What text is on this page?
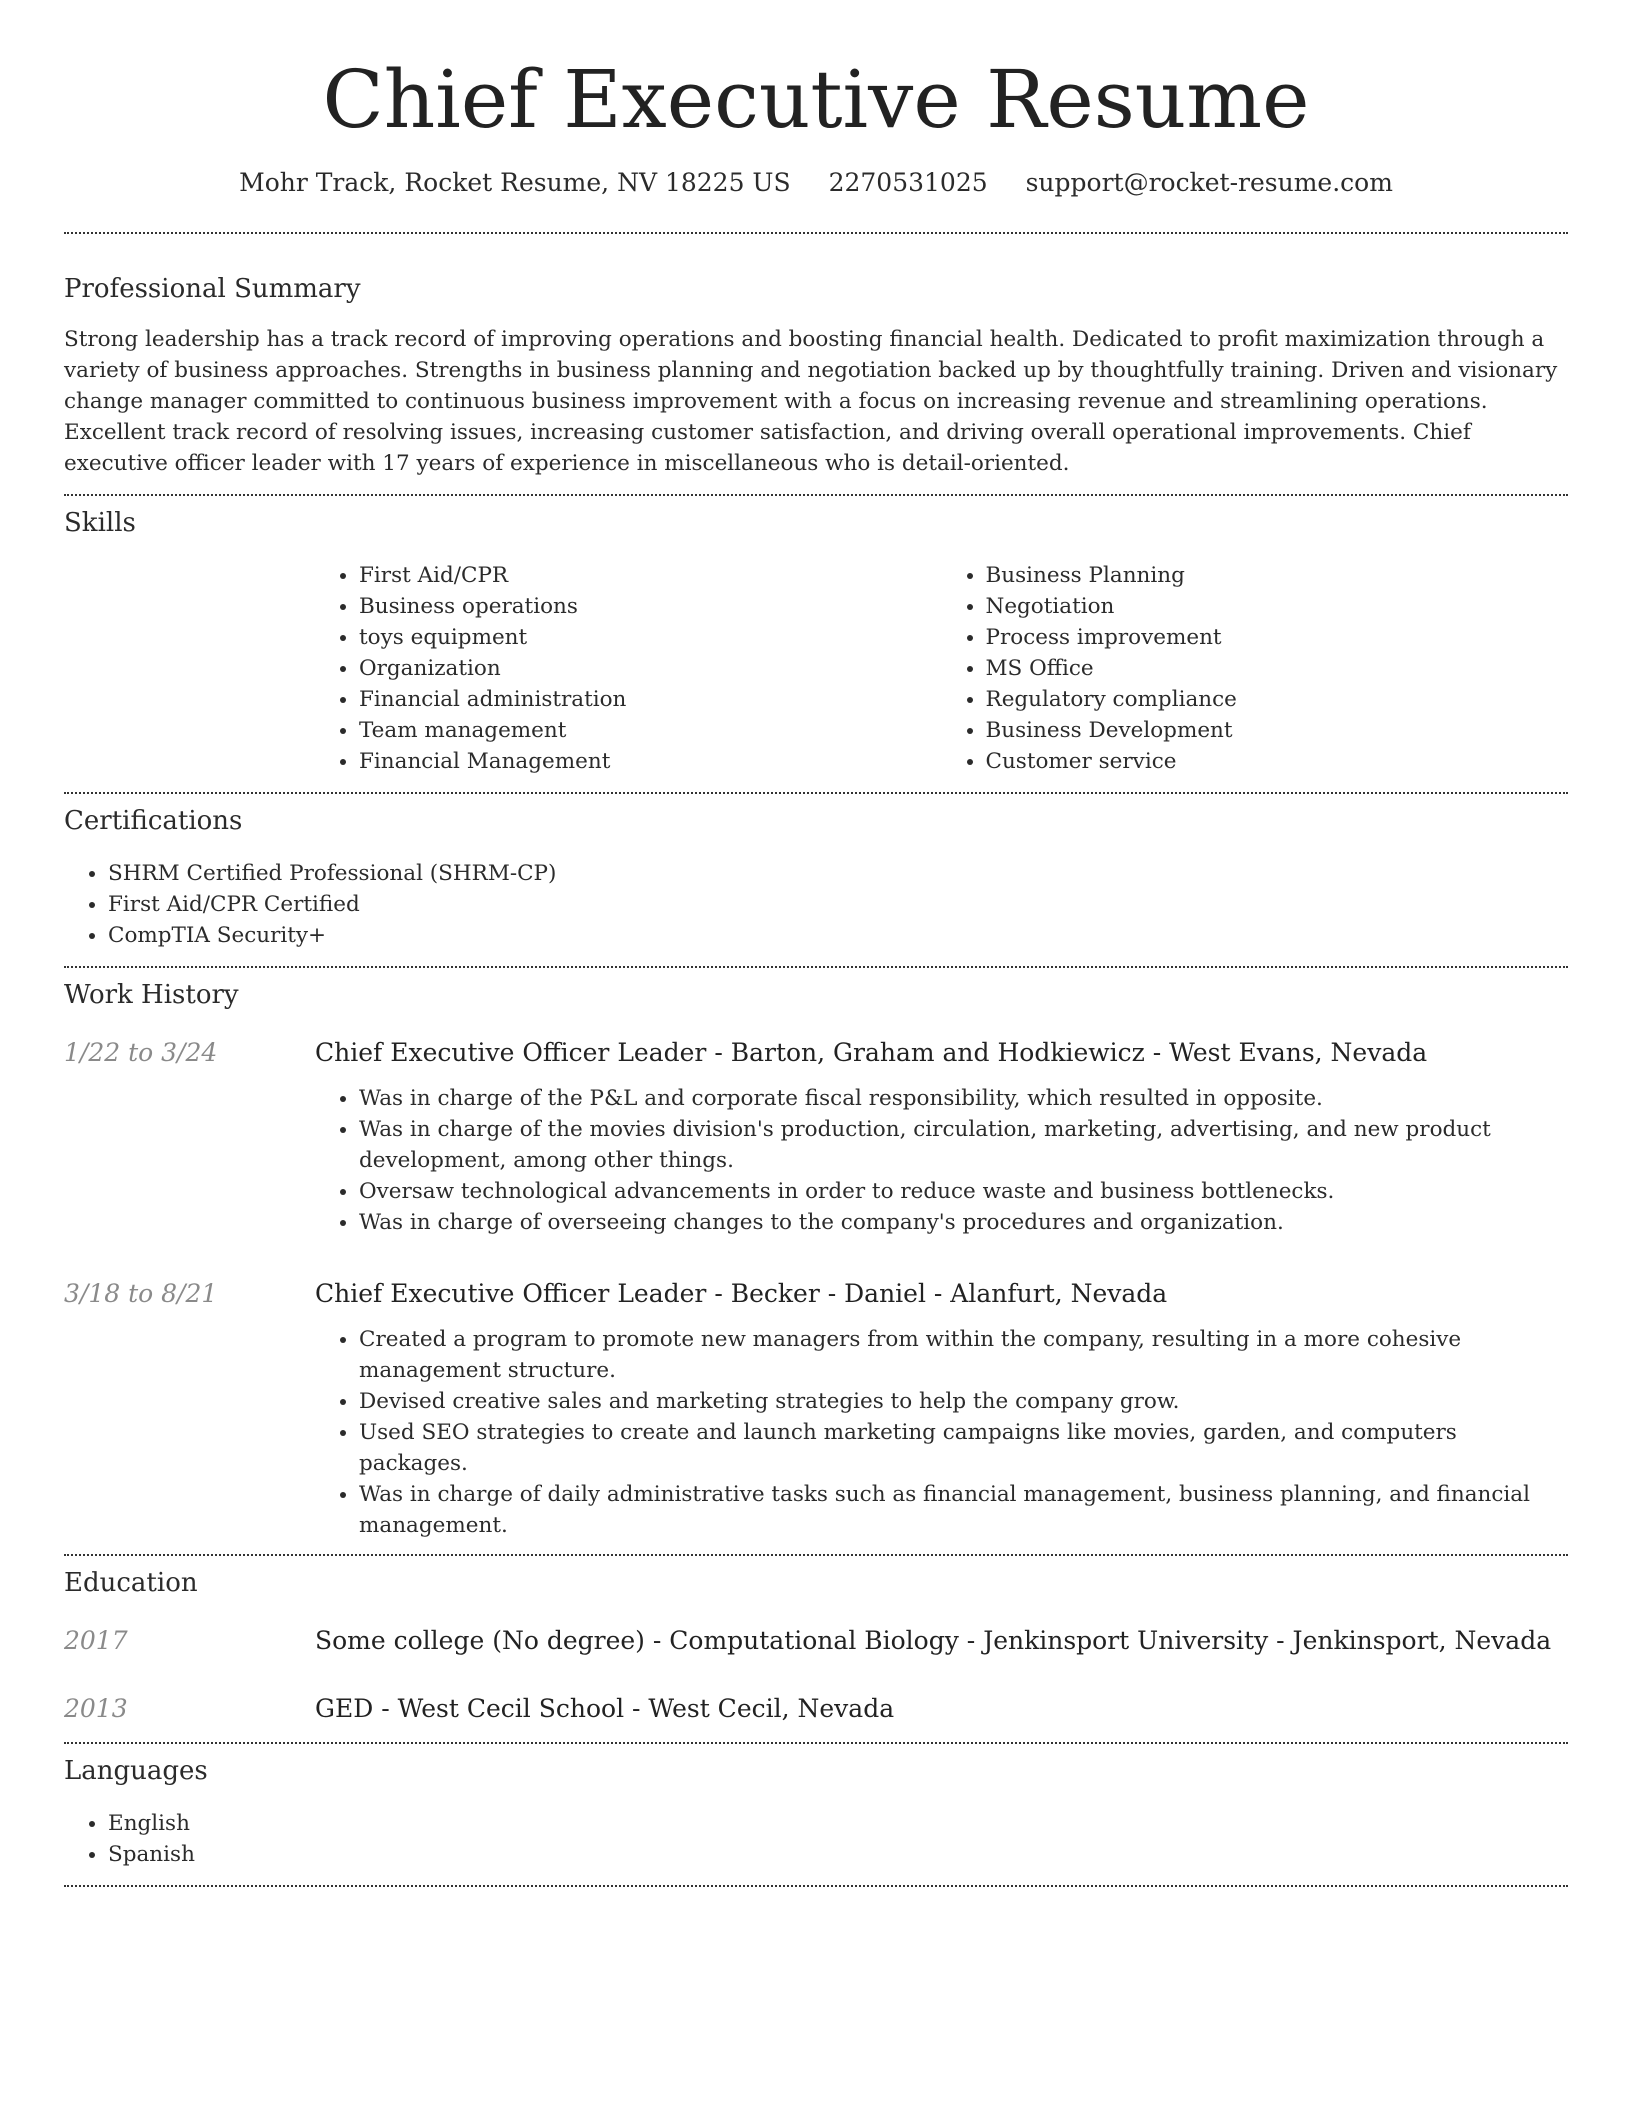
Chief Executive Resume
Mohr Track, Rocket Resume, NV 18225 US 2270531025 support@rocket-resume.com
Professional Summary

Strong leadership has a track record of improving operations and boosting financial health. Dedicated to profit maximization through a variety of business approaches. Strengths in business planning and negotiation backed up by thoughtfully training. Driven and visionary change manager committed to continuous business improvement with a focus on increasing revenue and streamlining operations. Excellent track record of resolving issues, increasing customer satisfaction, and driving overall operational improvements. Chief executive officer leader with 17 years of experience in miscellaneous who is detail-oriented.

Skills
• First Aid/CPR
• Business operations
• toys equipment
• Organization
• Financial administration
• Team management
• Financial Management
• Business Planning
• Negotiation
• Process improvement
• MS Office
• Regulatory compliance
• Business Development
• Customer service
Certifications
• SHRM Certified Professional (SHRM-CP)
• First Aid/CPR Certified
• CompTIA Security+
Work History
1/22 to 3/24	Chief Executive Officer Leader - Barton, Graham and Hodkiewicz - West Evans, Nevada
• Was in charge of the P&L and corporate fiscal responsibility, which resulted in opposite.
• Was in charge of the movies division's production, circulation, marketing, advertising, and new product development, among other things.
• Oversaw technological advancements in order to reduce waste and business bottlenecks.
• Was in charge of overseeing changes to the company's procedures and organization.
3/18 to 8/21	Chief Executive Officer Leader - Becker - Daniel - Alanfurt, Nevada
• Created a program to promote new managers from within the company, resulting in a more cohesive management structure.
• Devised creative sales and marketing strategies to help the company grow.
• Used SEO strategies to create and launch marketing campaigns like movies, garden, and computers packages.
• Was in charge of daily administrative tasks such as financial management, business planning, and financial management.
Education
2017	Some college (No degree) - Computational Biology - Jenkinsport University - Jenkinsport, Nevada
2013	GED - West Cecil School - West Cecil, Nevada
Languages
• English
• Spanish
